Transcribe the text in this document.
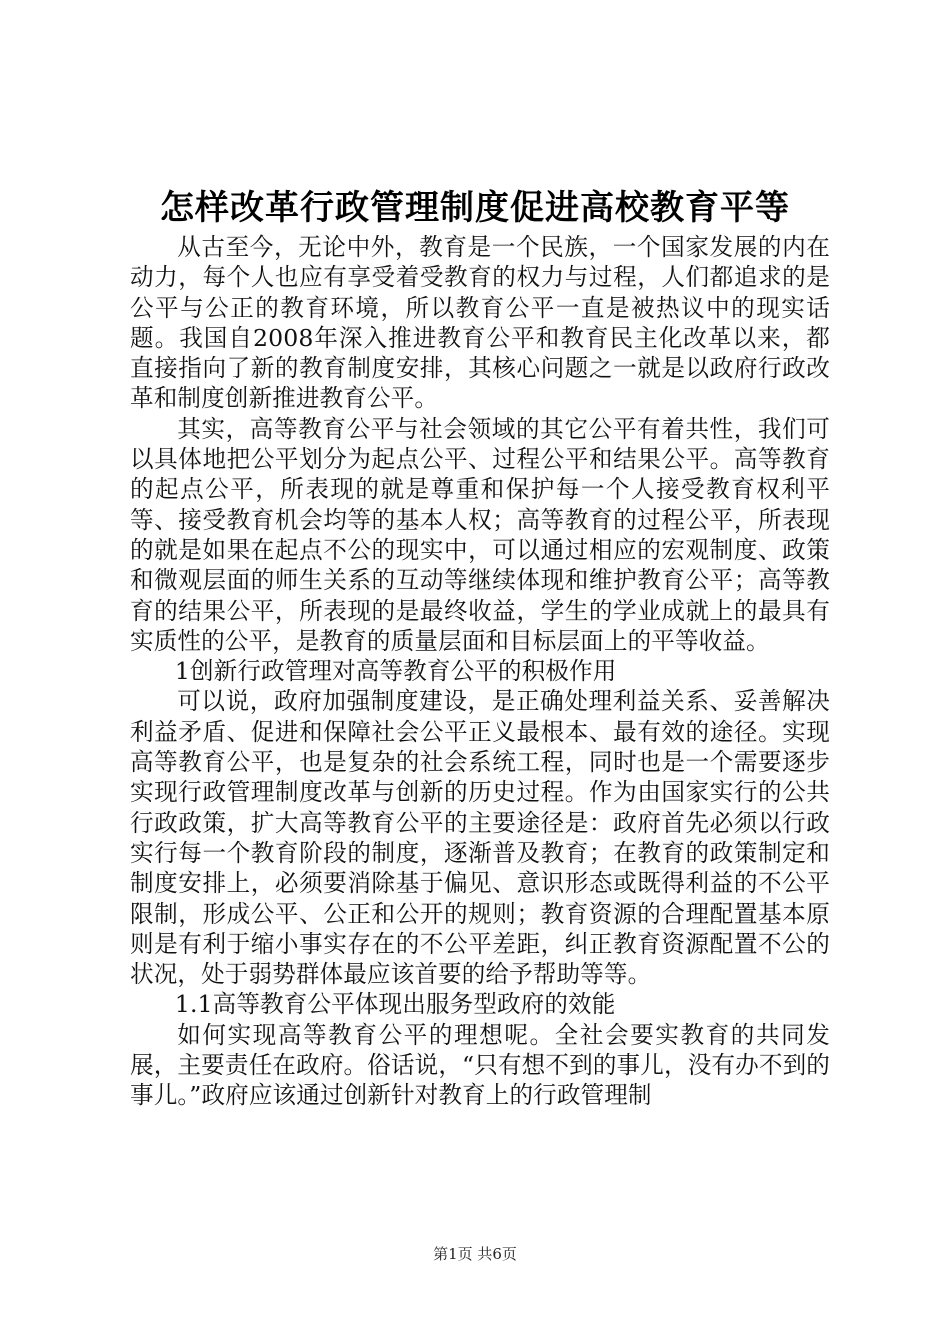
怎样改革行政管理制度促进高校教育平等

从古至今，无论中外，教育是一个民族，一个国家发展的内在动力，每个人也应有享受着受教育的权力与过程，人们都追求的是公平与公正的教育环境，所以教育公平一直是被热议中的现实话题。我国自2008年深入推进教育公平和教育民主化改革以来，都直接指向了新的教育制度安排，其核心问题之一就是以政府行政改革和制度创新推进教育公平。

其实，高等教育公平与社会领域的其它公平有着共性，我们可以具体地把公平划分为起点公平、过程公平和结果公平。高等教育的起点公平，所表现的就是尊重和保护每一个人接受教育权利平等、接受教育机会均等的基本人权；高等教育的过程公平，所表现的就是如果在起点不公的现实中，可以通过相应的宏观制度、政策和微观层面的师生关系的互动等继续体现和维护教育公平；高等教育的结果公平，所表现的是最终收益，学生的学业成就上的最具有实质性的公平，是教育的质量层面和目标层面上的平等收益。

1创新行政管理对高等教育公平的积极作用

可以说，政府加强制度建设，是正确处理利益关系、妥善解决利益矛盾、促进和保障社会公平正义最根本、最有效的途径。实现高等教育公平，也是复杂的社会系统工程，同时也是一个需要逐步实现行政管理制度改革与创新的历史过程。作为由国家实行的公共行政政策，扩大高等教育公平的主要途径是：政府首先必须以行政实行每一个教育阶段的制度，逐渐普及教育；在教育的政策制定和制度安排上，必须要消除基于偏见、意识形态或既得利益的不公平限制，形成公平、公正和公开的规则；教育资源的合理配置基本原则是有利于缩小事实存在的不公平差距，纠正教育资源配置不公的状况，处于弱势群体最应该首要的给予帮助等等。

1.1高等教育公平体现出服务型政府的效能

如何实现高等教育公平的理想呢。全社会要实教育的共同发展，主要责任在政府。俗话说，“只有想不到的事儿，没有办不到的事儿。”政府应该通过创新针对教育上的行政管理制

第1页 共6页
